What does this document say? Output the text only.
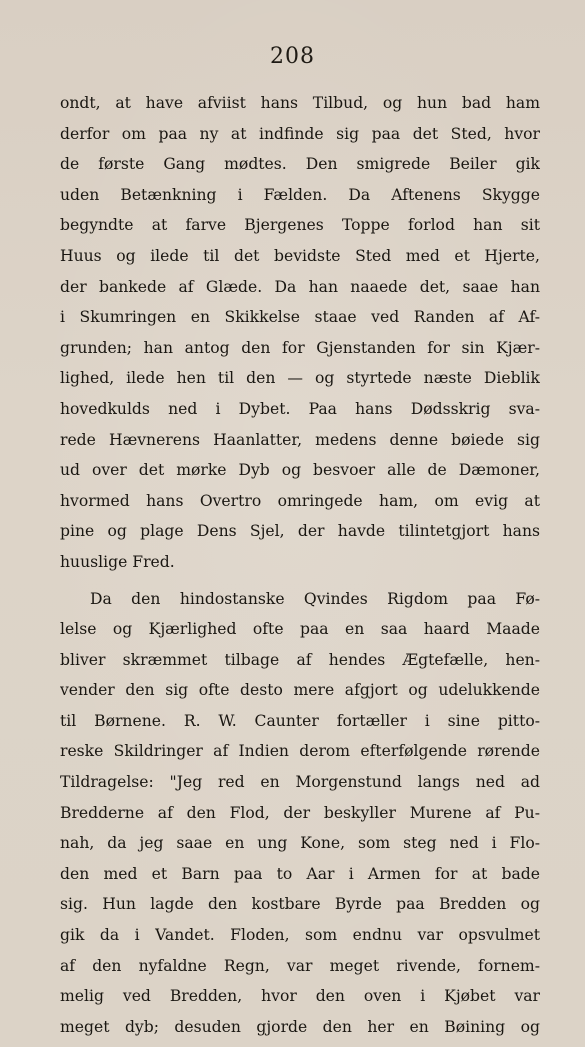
208
ondt, at have afviist hans Tilbud, og hun bad ham
derfor om paa ny at indfinde sig paa det Sted, hvor
de første Gang mødtes. Den smigrede Beiler gik
uden Betænkning i Fælden. Da Aftenens Skygge
begyndte at farve Bjergenes Toppe forlod han sit
Huus og ilede til det bevidste Sted med et Hjerte,
der bankede af Glæde. Da han naaede det, saae han
i Skumringen en Skikkelse staae ved Randen af Af-
grunden; han antog den for Gjenstanden for sin Kjær-
lighed, ilede hen til den — og styrtede næste Dieblik
hovedkulds ned i Dybet. Paa hans Dødsskrig sva-
rede Hævnerens Haanlatter, medens denne bøiede sig
ud over det mørke Dyb og besvoer alle de Dæmoner,
hvormed hans Overtro omringede ham, om evig at
pine og plage Dens Sjel, der havde tilintetgjort hans
huuslige Fred.
Da den hindostanske Qvindes Rigdom paa Fø-
lelse og Kjærlighed ofte paa en saa haard Maade
bliver skræmmet tilbage af hendes Ægtefælle, hen-
vender den sig ofte desto mere afgjort og udelukkende
til Børnene. R. W. Caunter fortæller i sine pitto-
reske Skildringer af Indien derom efterfølgende rørende
Tildragelse: "Jeg red en Morgenstund langs ned ad
Bredderne af den Flod, der beskyller Murene af Pu-
nah, da jeg saae en ung Kone, som steg ned i Flo-
den med et Barn paa to Aar i Armen for at bade
sig. Hun lagde den kostbare Byrde paa Bredden og
gik da i Vandet. Floden, som endnu var opsvulmet
af den nyfaldne Regn, var meget rivende, fornem-
melig ved Bredden, hvor den oven i Kjøbet var
meget dyb; desuden gjorde den her en Bøining og
